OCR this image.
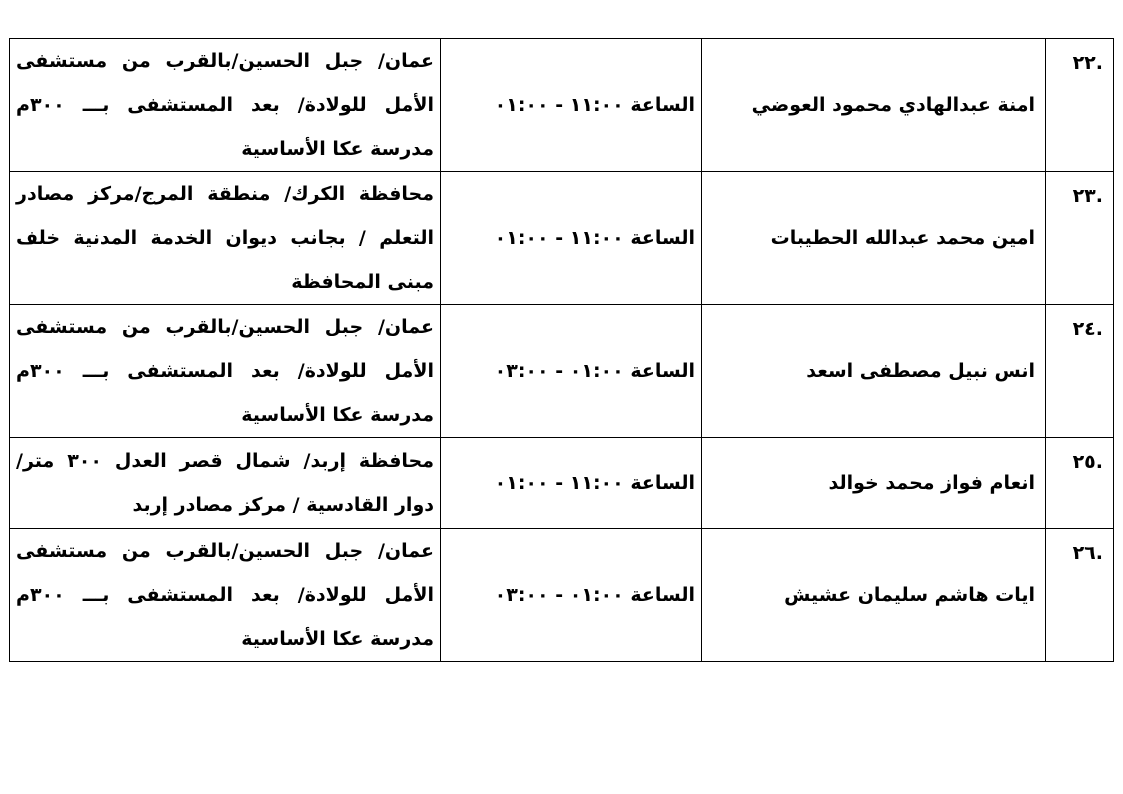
.٢٢	امنة عبدالهادي محمود العوضي	الساعة ١١:٠٠ - ٠١:٠٠	عمان/ جبل الحسين/بالقرب من مستشفى الأمل للولادة/ بعد المستشفى بـــ ٣٠٠م مدرسة عكا الأساسية
.٢٣	امين محمد عبدالله الحطيبات	الساعة ١١:٠٠ - ٠١:٠٠	محافظة الكرك/ منطقة المرج/مركز مصادر التعلم / بجانب ديوان الخدمة المدنية خلف مبنى المحافظة
.٢٤	انس نبيل مصطفى اسعد	الساعة ٠١:٠٠ - ٠٣:٠٠	عمان/ جبل الحسين/بالقرب من مستشفى الأمل للولادة/ بعد المستشفى بـــ ٣٠٠م مدرسة عكا الأساسية
.٢٥	انعام فواز محمد خوالد	الساعة ١١:٠٠ - ٠١:٠٠	محافظة إربد/ شمال قصر العدل ٣٠٠ متر/ دوار القادسية / مركز مصادر إربد
.٢٦	ايات هاشم سليمان عشيش	الساعة ٠١:٠٠ - ٠٣:٠٠	عمان/ جبل الحسين/بالقرب من مستشفى الأمل للولادة/ بعد المستشفى بـــ ٣٠٠م مدرسة عكا الأساسية
